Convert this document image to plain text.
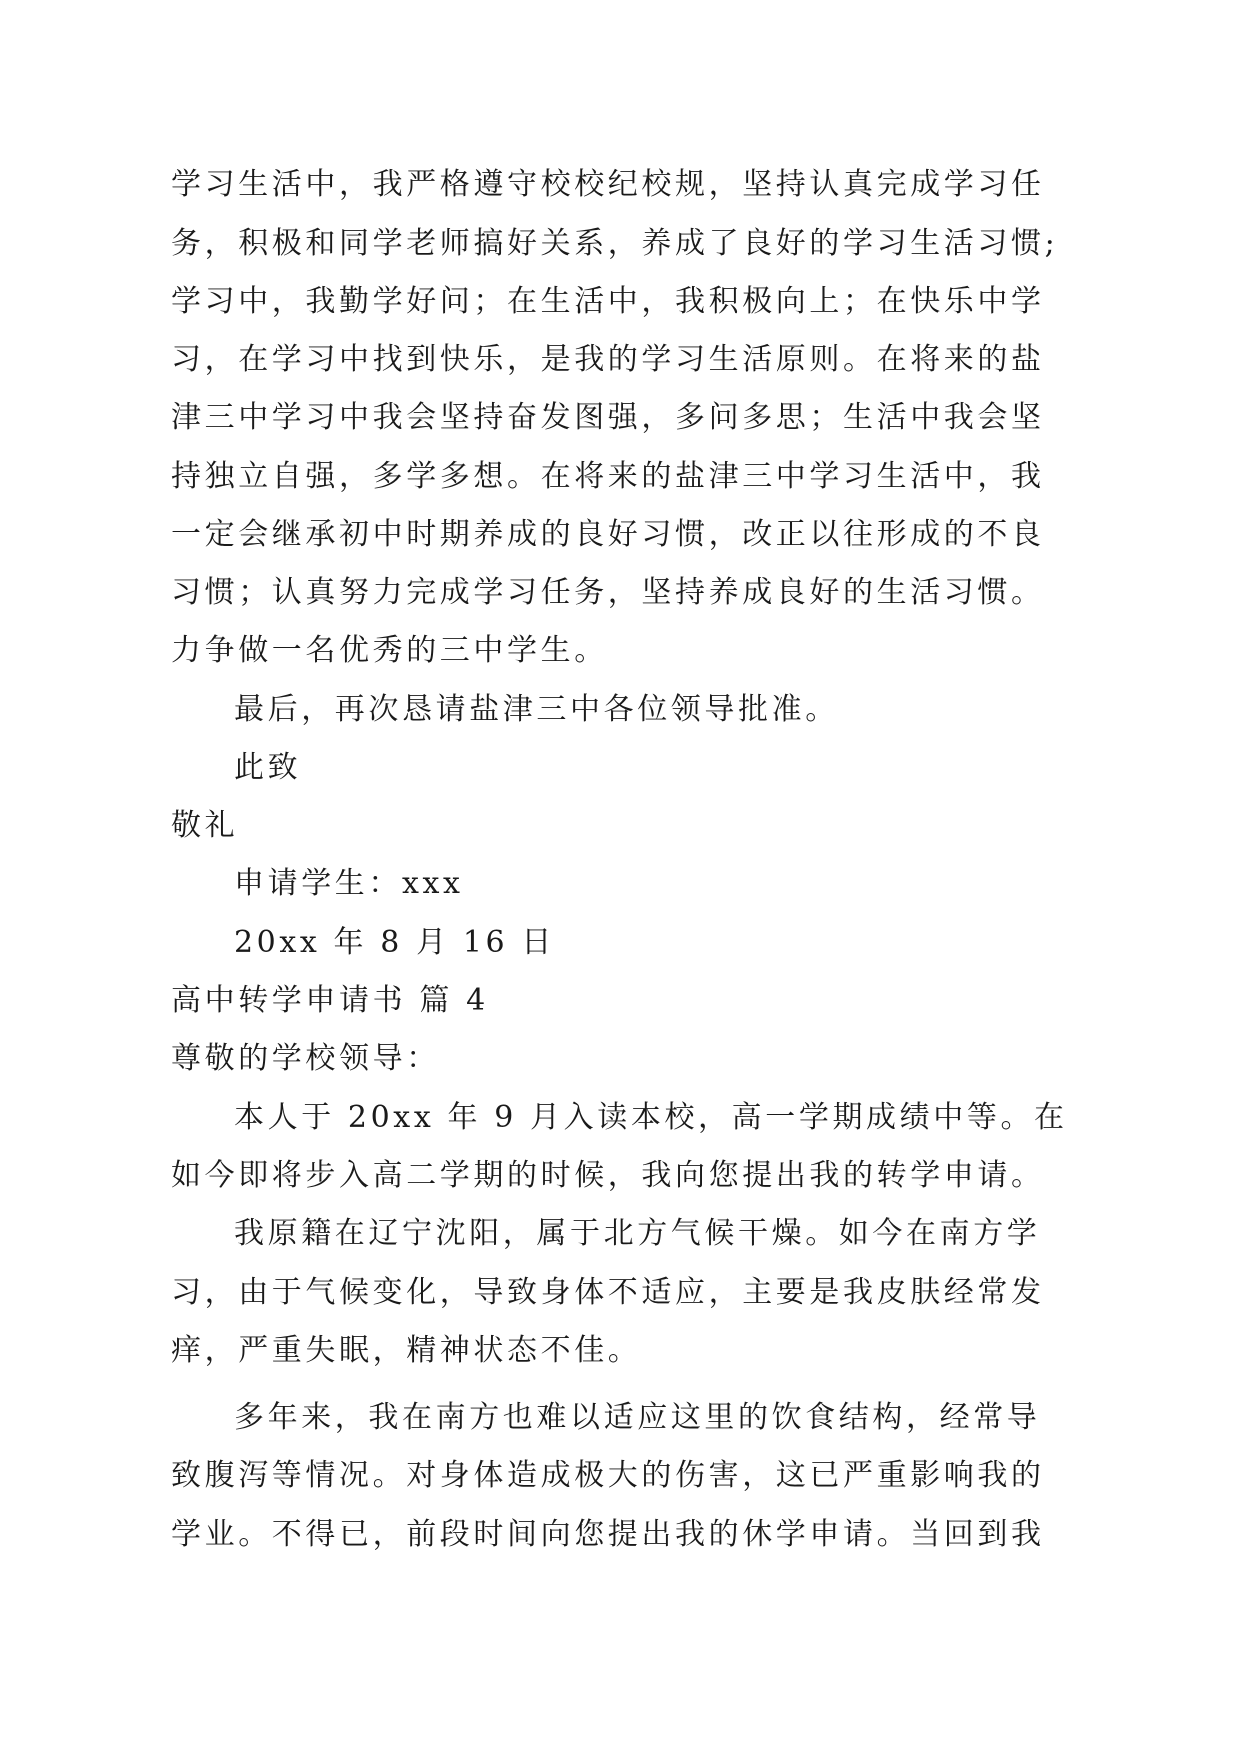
学习生活中，我严格遵守校校纪校规，坚持认真完成学习任
务，积极和同学老师搞好关系，养成了良好的学习生活习惯;
学习中，我勤学好问；在生活中，我积极向上；在快乐中学
习，在学习中找到快乐，是我的学习生活原则。在将来的盐
津三中学习中我会坚持奋发图强，多问多思；生活中我会坚
持独立自强，多学多想。在将来的盐津三中学习生活中，我
一定会继承初中时期养成的良好习惯，改正以往形成的不良
习惯；认真努力完成学习任务，坚持养成良好的生活习惯。
力争做一名优秀的三中学生。
最后，再次恳请盐津三中各位领导批准。
此致
敬礼
申请学生：xxx
20xx 年 8 月 16 日
高中转学申请书 篇 4
尊敬的学校领导：
本人于 20xx 年 9 月入读本校，高一学期成绩中等。在
如今即将步入高二学期的时候，我向您提出我的转学申请。
我原籍在辽宁沈阳，属于北方气候干燥。如今在南方学
习，由于气候变化，导致身体不适应，主要是我皮肤经常发
痒，严重失眠，精神状态不佳。
多年来，我在南方也难以适应这里的饮食结构，经常导
致腹泻等情况。对身体造成极大的伤害，这已严重影响我的
学业。不得已，前段时间向您提出我的休学申请。当回到我
